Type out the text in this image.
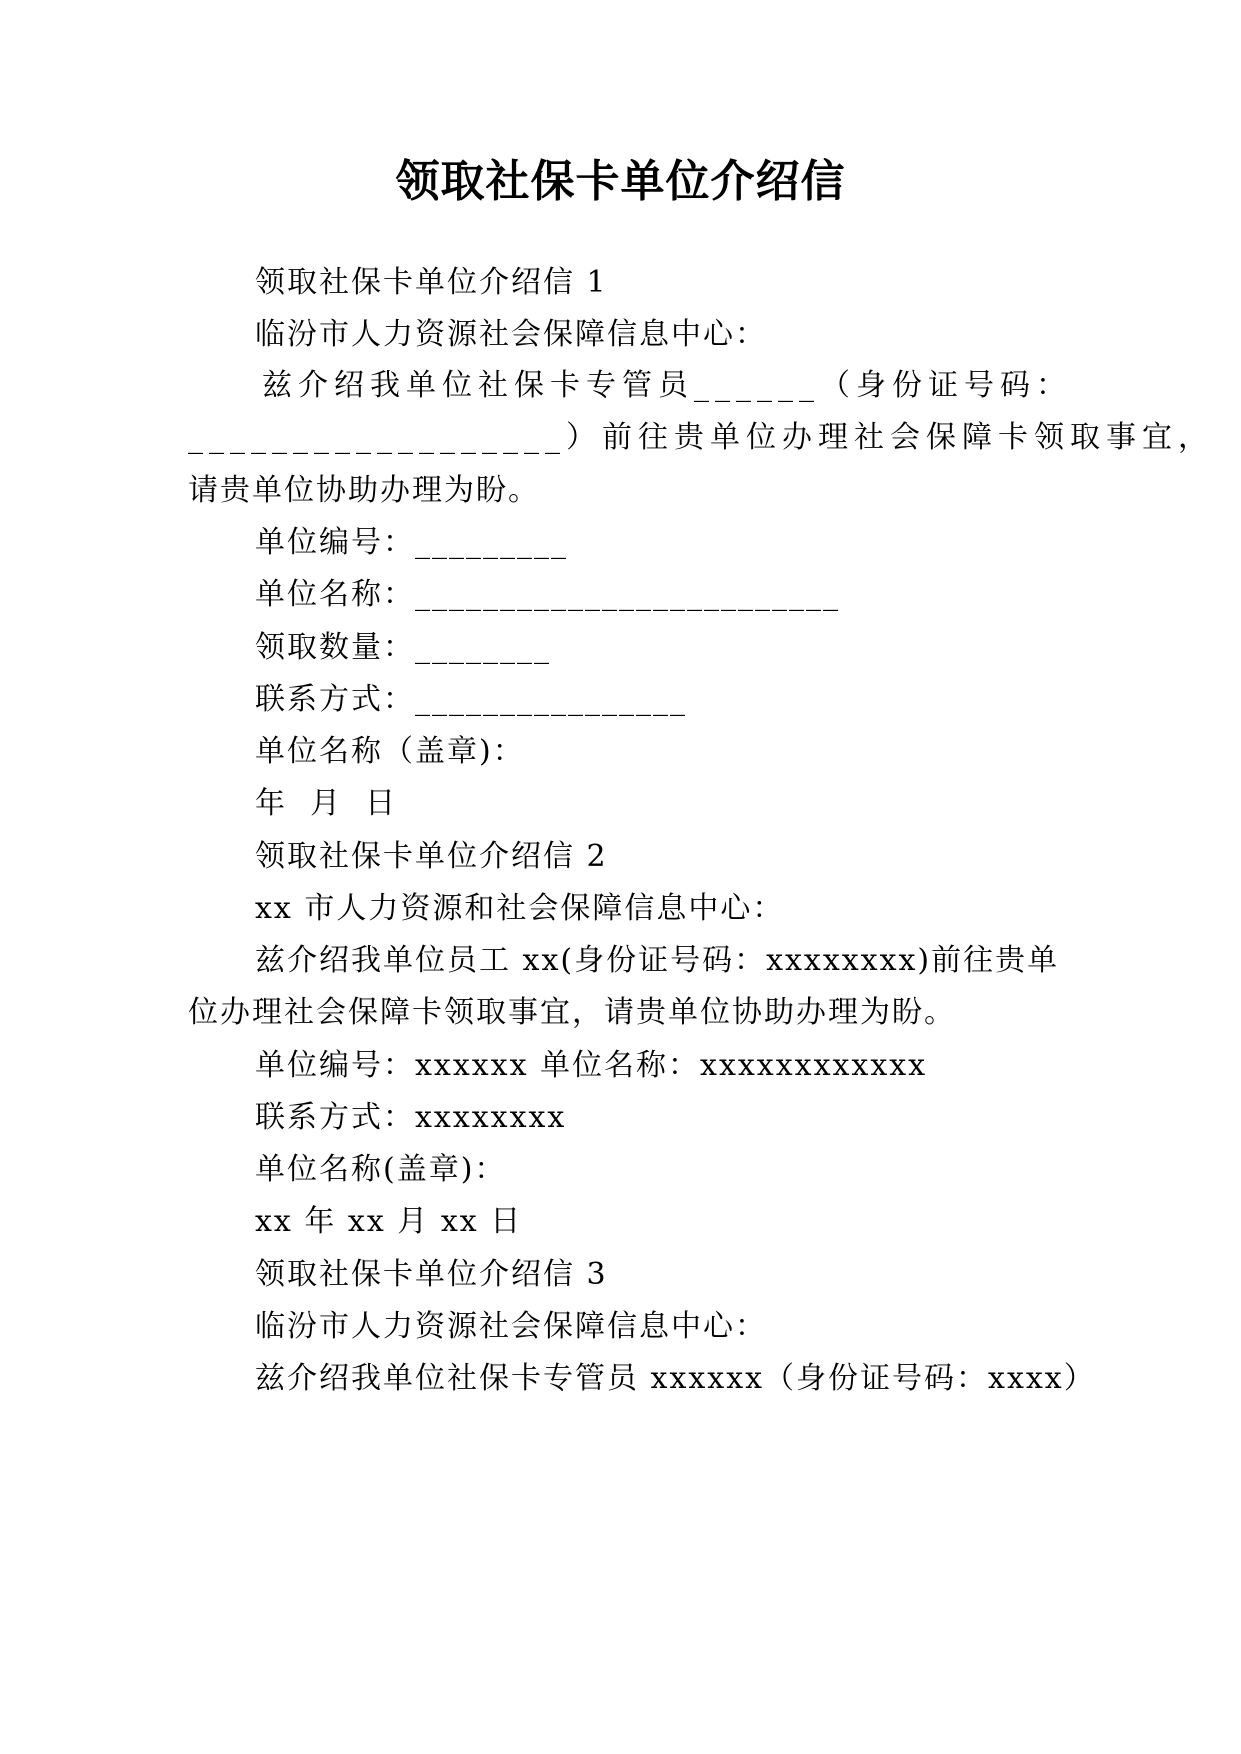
领取社保卡单位介绍信
领取社保卡单位介绍信 1
临汾市人力资源社会保障信息中心：
兹介绍我单位社保卡专管员______（身份证号码：
__________________）前往贵单位办理社会保障卡领取事宜，
请贵单位协助办理为盼。
单位编号：_________
单位名称：_________________________
领取数量：________
联系方式：________________
单位名称（盖章)：
年  月  日
领取社保卡单位介绍信 2
xx 市人力资源和社会保障信息中心：
兹介绍我单位员工 xx(身份证号码：xxxxxxxx)前往贵单
位办理社会保障卡领取事宜，请贵单位协助办理为盼。
单位编号：xxxxxx 单位名称：xxxxxxxxxxxx
联系方式：xxxxxxxx
单位名称(盖章)：
xx 年 xx 月 xx 日
领取社保卡单位介绍信 3
临汾市人力资源社会保障信息中心：
兹介绍我单位社保卡专管员 xxxxxx（身份证号码：xxxx）
